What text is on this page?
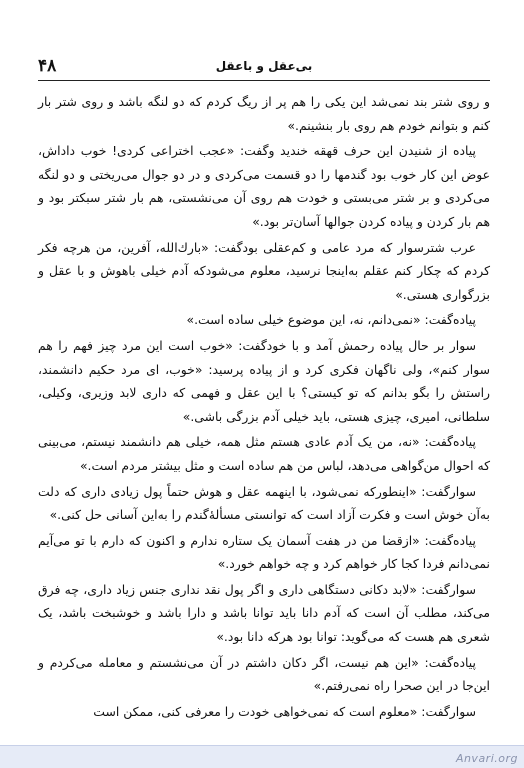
۴۸	بی‌عقل و باعقل

و روی شتر بند نمی‌شد این یکی را هم پر از ریگ کردم که دو لنگه باشد و روی شتر بار کنم و بتوانم خودم هم روی بار بنشینم.»

پیاده از شنیدن این حرف قهقه خندید وگفت: «عجب اختراعی کردی! خوب داداش، عوض این کار خوب بود گندمها را دو قسمت می‌کردی و در دو جوال می‌ریختی و دو لنگه می‌کردی و بر شتر می‌بستی و خودت هم روی آن می‌نشستی، هم بار شتر سبکتر بود و هم بار کردن و پیاده کردن جوالها آسان‌تر بود.»

عرب شترسوار که مرد عامی و کم‌عقلی بودگفت: «بارك‌الله، آفرین، من هرچه فکر کردم که چکار کنم عقلم به‌اینجا نرسید، معلوم می‌شودکه آدم خیلی باهوش و با عقل و بزرگواری هستی.»

پیاده‌گفت: «نمی‌دانم، نه، این موضوع خیلی ساده است.»

سوار بر حال پیاده رحمش آمد و با خودگفت: «خوب است این مرد چیز فهم را هم سوار کنم»، ولی ناگهان فکری کرد و از پیاده پرسید: «خوب، ای مرد حکیم دانشمند، راستش را بگو بدانم که تو کیستی؟ با این عقل و فهمی که داری لابد وزیری، وکیلی، سلطانی، امیری، چیزی هستی، باید خیلی آدم بزرگی باشی.»

پیاده‌گفت: «نه، من یک آدم عادی هستم مثل همه، خیلی هم دانشمند نیستم، می‌بینی که احوال من‌گواهی می‌دهد، لباس من هم ساده است و مثل بیشتر مردم است.»

سوارگفت: «اینطورکه نمی‌شود، با اینهمه عقل و هوش حتماً پول زیادی داری که دلت به‌آن خوش است و فکرت آزاد است که توانستی مسألهٔ‌گندم را به‌این آسانی حل کنی.»

پیاده‌گفت: «ازقضا من در هفت آسمان یک ستاره ندارم و اکنون که دارم با تو می‌آیم نمی‌دانم فردا کجا کار خواهم کرد و چه خواهم خورد.»

سوارگفت: «لابد دکانی دستگاهی داری و اگر پول نقد نداری جنس زیاد داری، چه فرق می‌کند، مطلب آن است که آدم دانا باید توانا باشد و دارا باشد و خوشبخت باشد، یک شعری هم هست که می‌گوید: توانا بود هرکه دانا بود.»

پیاده‌گفت: «این هم نیست، اگر دکان داشتم در آن می‌نشستم و معامله می‌کردم و این‌جا در این صحرا راه نمی‌رفتم.»

سوارگفت: «معلوم است که نمی‌خواهی خودت را معرفی کنی، ممکن است

Anvari.org
